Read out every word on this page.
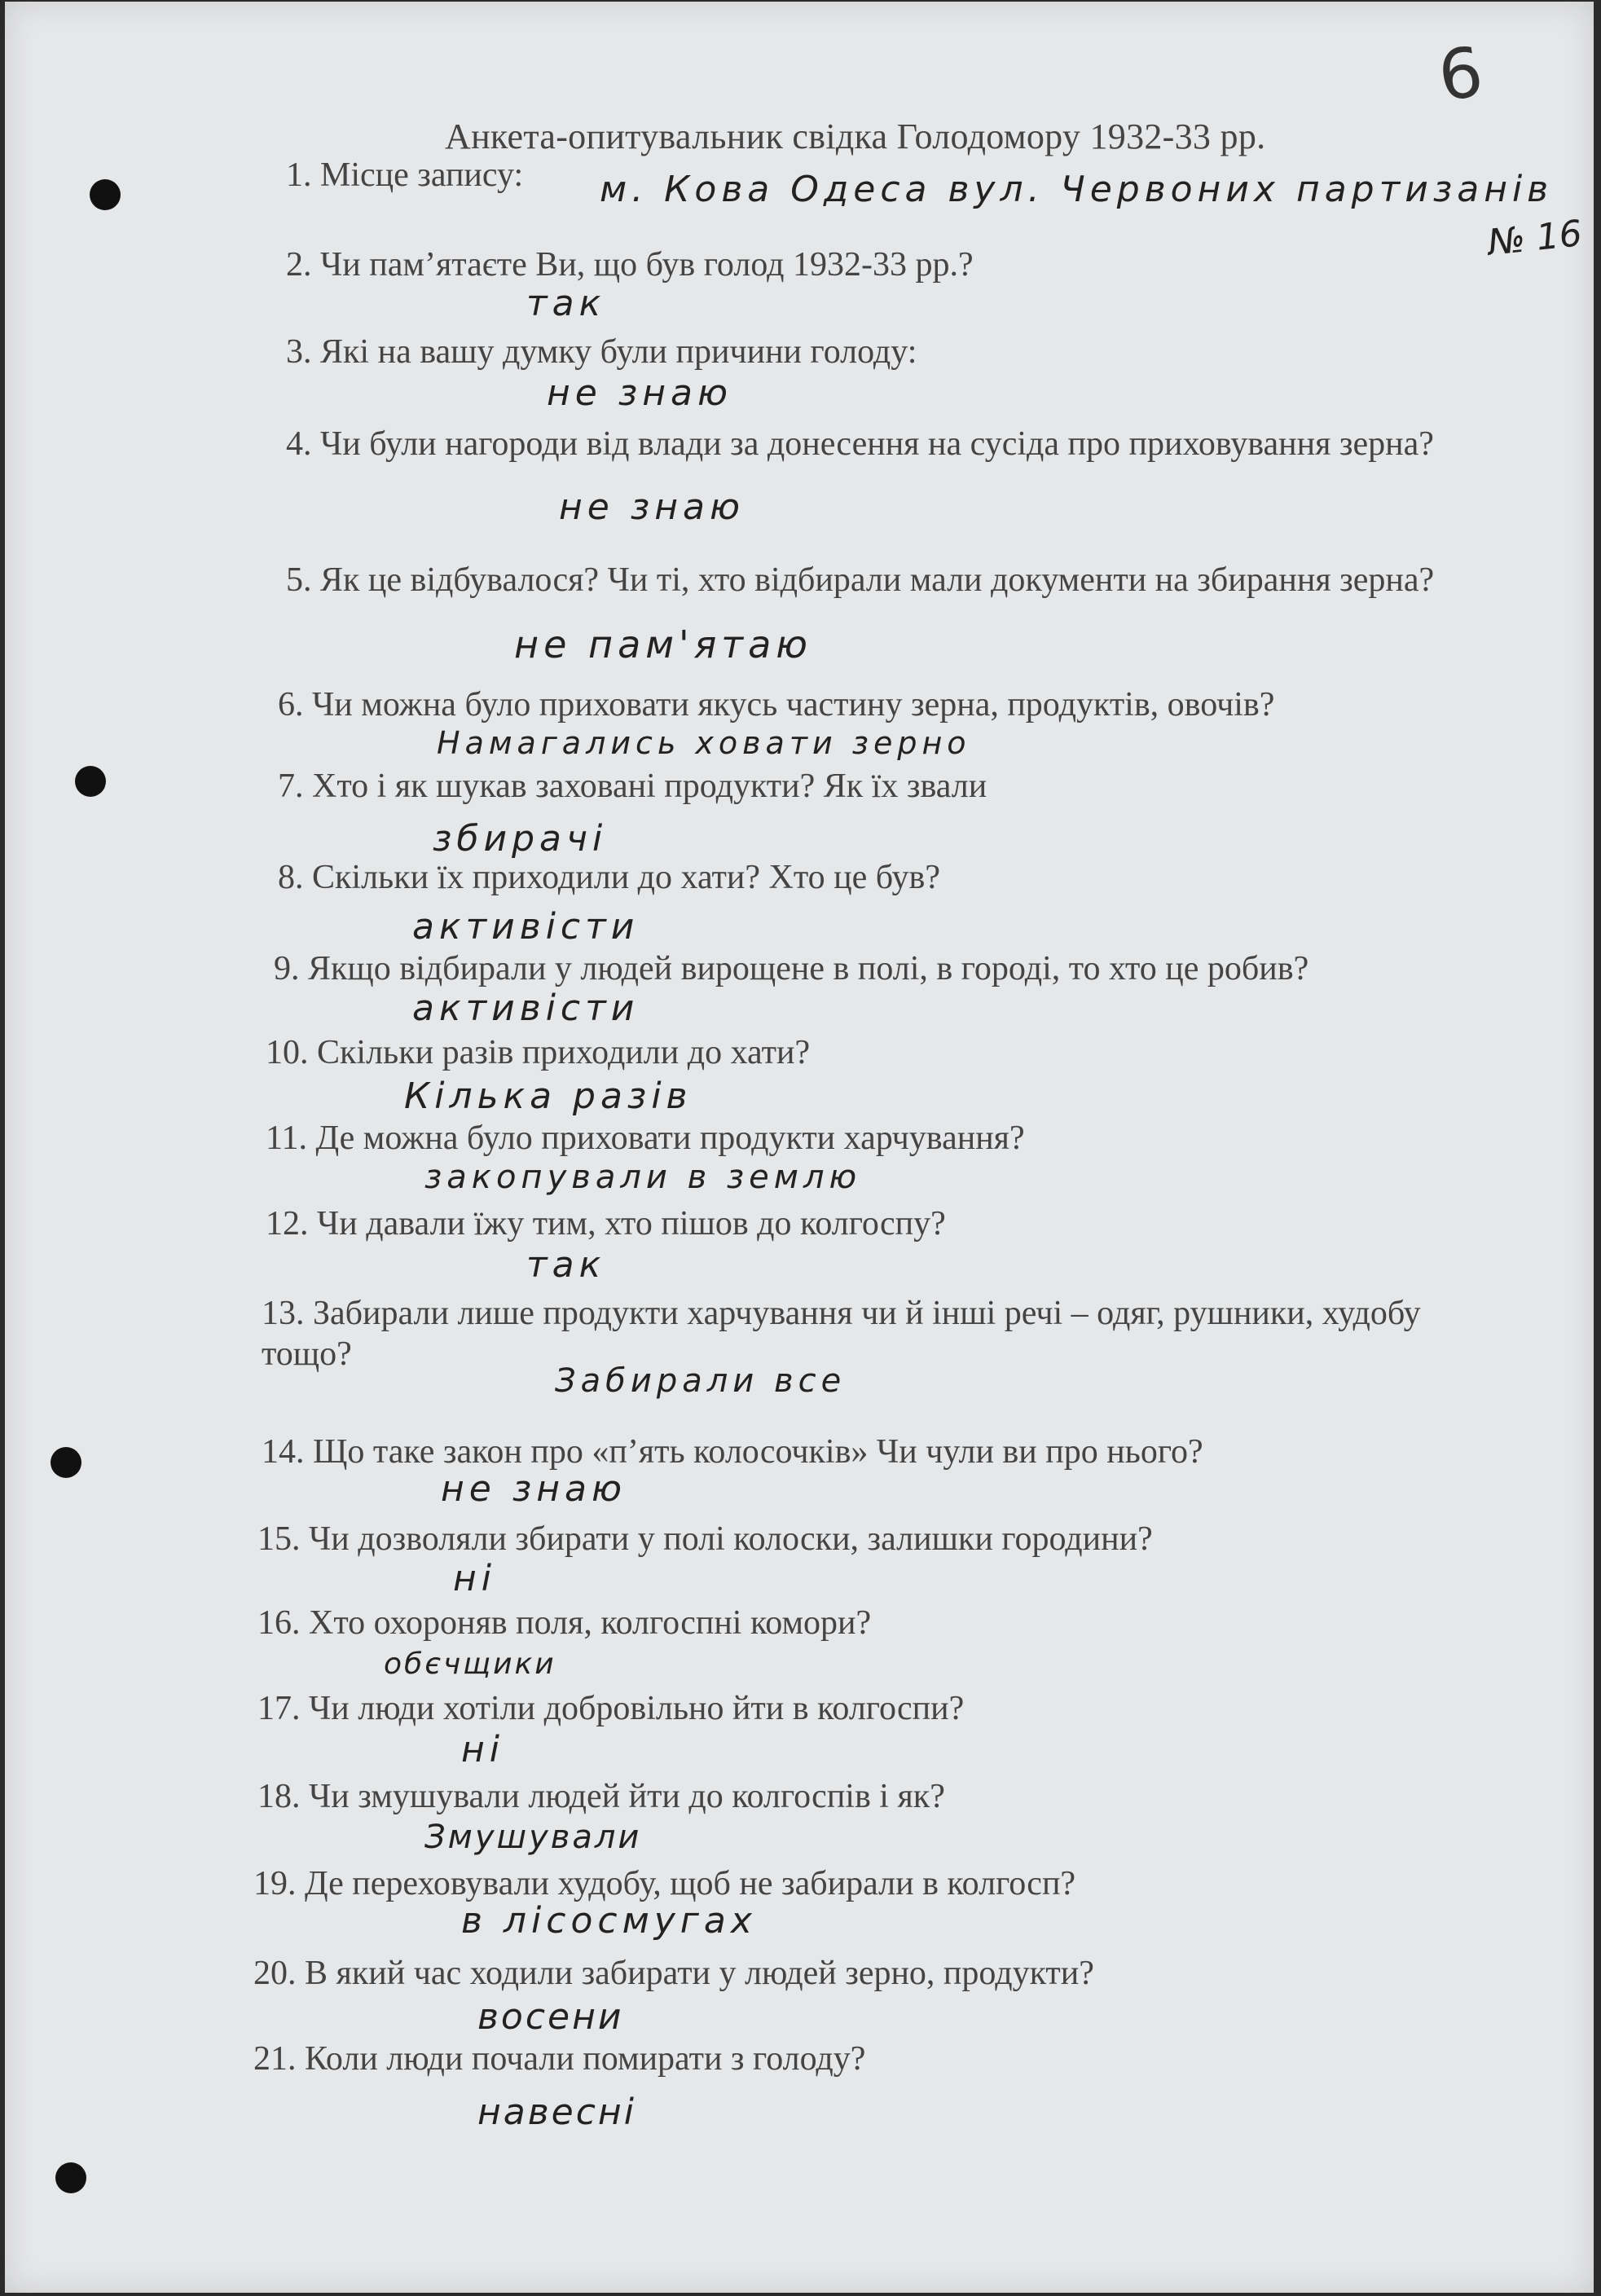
6
Анкета-опитувальник свідка Голодомору 1932-33 рр.
1. Місце запису:	м. Кова Одеса вул. Червоних партизанів
№ 16
2. Чи пам’ятаєте Ви, що був голод 1932-33 рр.?
так
3. Які на вашу думку були причини голоду:
не знаю
4. Чи були нагороди від влади за донесення на сусіда про приховування зерна?
не знаю
5. Як це відбувалося? Чи ті, хто відбирали мали документи на збирання зерна?
не пам'ятаю
6. Чи можна було приховати якусь частину зерна, продуктів, овочів?
Намагались ховати зерно
7. Хто і як шукав заховані продукти? Як їх звали
збирачі
8. Скільки їх приходили до хати? Хто це був?
активісти
9. Якщо відбирали у людей вирощене в полі, в городі, то хто це робив?
активісти
10. Скільки разів приходили до хати?
Кілька разів
11. Де можна було приховати продукти харчування?
закопували в землю
12. Чи давали їжу тим, хто пішов до колгоспу?
так
13. Забирали лише продукти харчування чи й інші речі – одяг, рушники, худобу тощо?
Забирали все
14. Що таке закон про «п’ять колосочків» Чи чули ви про нього?
не знаю
15. Чи дозволяли збирати у полі колоски, залишки городини?
ні
16. Хто охороняв поля, колгоспні комори?
обєчщики
17. Чи люди хотіли добровільно йти в колгоспи?
ні
18. Чи змушували людей йти до колгоспів і як?
Змушували
19. Де переховували худобу, щоб не забирали в колгосп?
в лісосмугах
20. В який час ходили забирати у людей зерно, продукти?
восени
21. Коли люди почали помирати з голоду?
навесні
